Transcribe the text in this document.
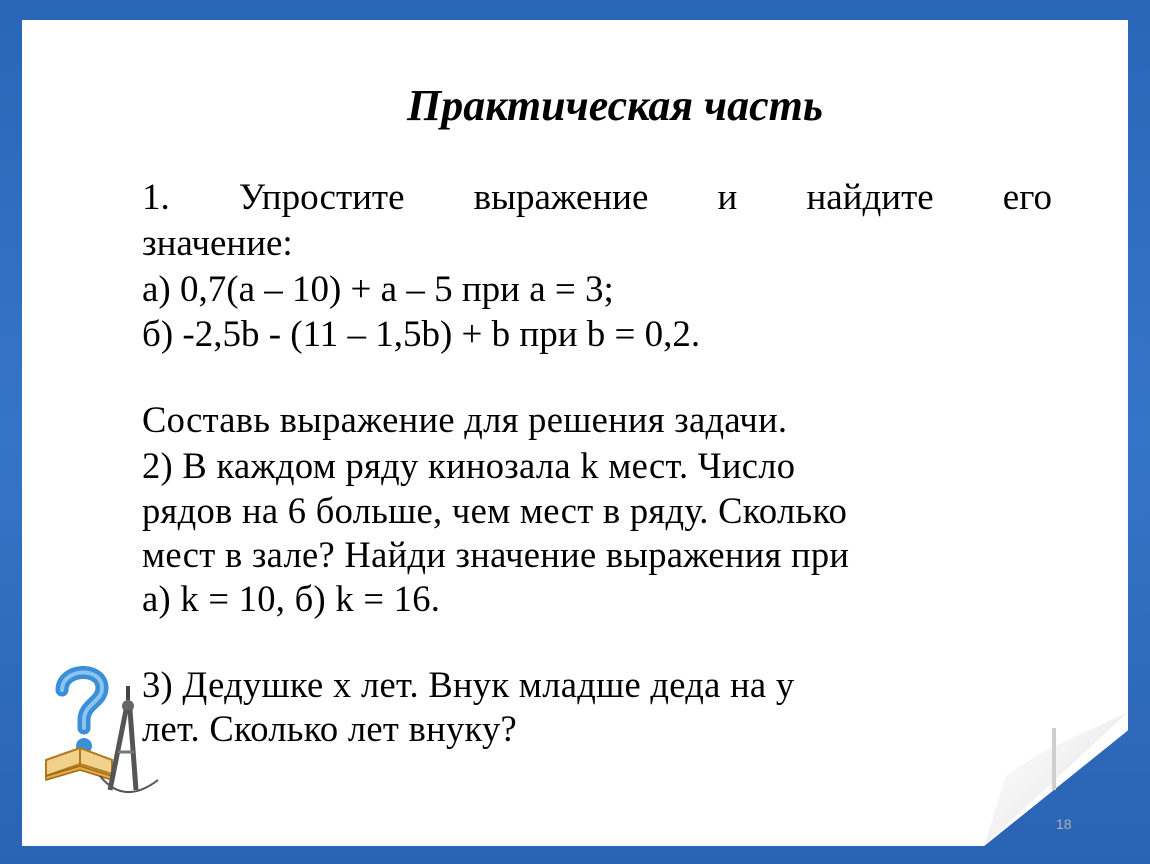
Практическая часть
1. Упростите выражение и найдите его
значение:
а) 0,7(а – 10) + а – 5 при а = 3;
б) -2,5b - (11 – 1,5b) + b при b = 0,2.
Составь выражение для решения задачи.
2) В каждом ряду кинозала k мест. Число
рядов на 6 больше, чем мест в ряду. Сколько
мест в зале? Найди значение выражения при
а) k = 10, б) k = 16.
3) Дедушке х лет. Внук младше деда на у
лет. Сколько лет внуку?
18
